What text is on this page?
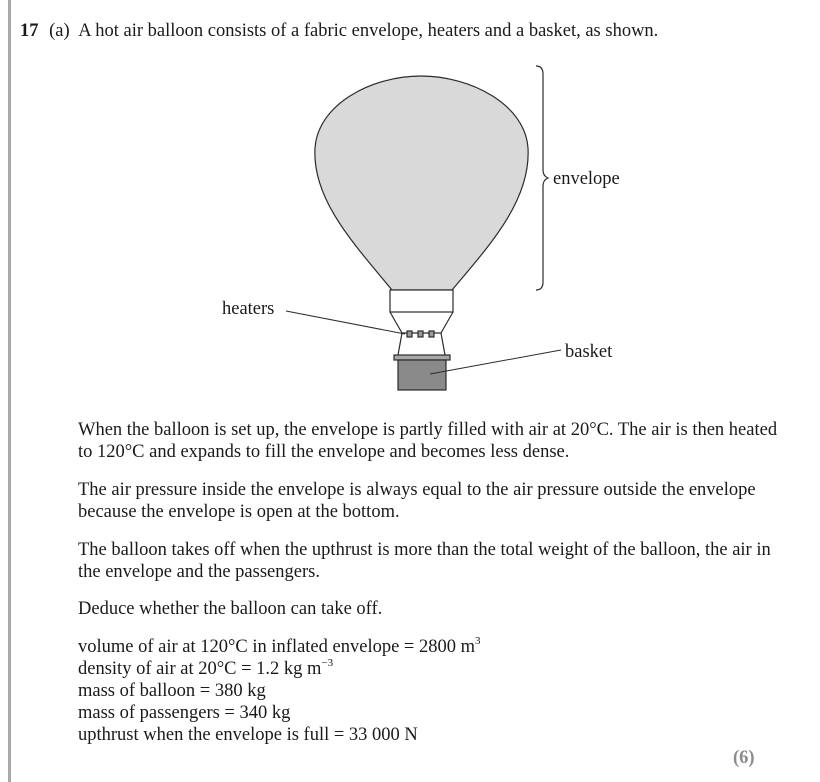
17 (a) A hot air balloon consists of a fabric envelope, heaters and a basket, as shown.
envelope
heaters
basket

When the balloon is set up, the envelope is partly filled with air at 20°C. The air is then heated to 120°C and expands to fill the envelope and becomes less dense.

The air pressure inside the envelope is always equal to the air pressure outside the envelope because the envelope is open at the bottom.

The balloon takes off when the upthrust is more than the total weight of the balloon, the air in the envelope and the passengers.

Deduce whether the balloon can take off.

volume of air at 120°C in inflated envelope = 2800 $m^3$
density of air at 20°C = 1.2 kg $m^{-3}$
mass of balloon = 380 kg
mass of passengers = 340 kg
upthrust when the envelope is full = 33 000 N
(6)
